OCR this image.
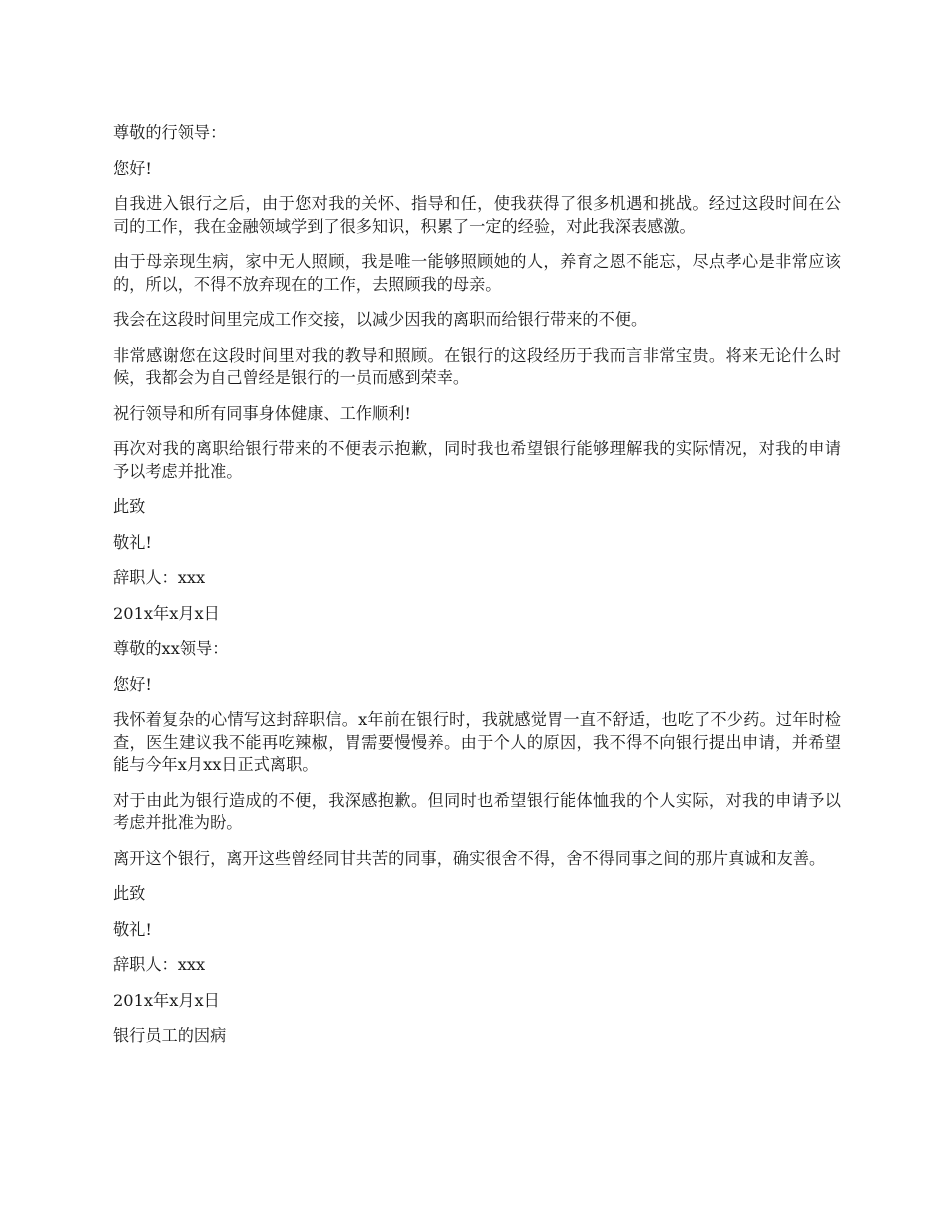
尊敬的行领导：

您好!

自我进入银行之后，由于您对我的关怀、指导和任，使我获得了很多机遇和挑战。经过这段时间在公司的工作，我在金融领域学到了很多知识，积累了一定的经验，对此我深表感激。

由于母亲现生病，家中无人照顾，我是唯一能够照顾她的人，养育之恩不能忘，尽点孝心是非常应该的，所以，不得不放弃现在的工作，去照顾我的母亲。

我会在这段时间里完成工作交接，以减少因我的离职而给银行带来的不便。

非常感谢您在这段时间里对我的教导和照顾。在银行的这段经历于我而言非常宝贵。将来无论什么时候，我都会为自己曾经是银行的一员而感到荣幸。

祝行领导和所有同事身体健康、工作顺利!

再次对我的离职给银行带来的不便表示抱歉，同时我也希望银行能够理解我的实际情况，对我的申请予以考虑并批准。

此致

敬礼!

辞职人：xxx

201x年x月x日

尊敬的xx领导：

您好!

我怀着复杂的心情写这封辞职信。x年前在银行时，我就感觉胃一直不舒适，也吃了不少药。过年时检查，医生建议我不能再吃辣椒，胃需要慢慢养。由于个人的原因，我不得不向银行提出申请，并希望能与今年x月xx日正式离职。

对于由此为银行造成的不便，我深感抱歉。但同时也希望银行能体恤我的个人实际，对我的申请予以考虑并批准为盼。

离开这个银行，离开这些曾经同甘共苦的同事，确实很舍不得，舍不得同事之间的那片真诚和友善。

此致

敬礼!

辞职人：xxx

201x年x月x日

银行员工的因病
